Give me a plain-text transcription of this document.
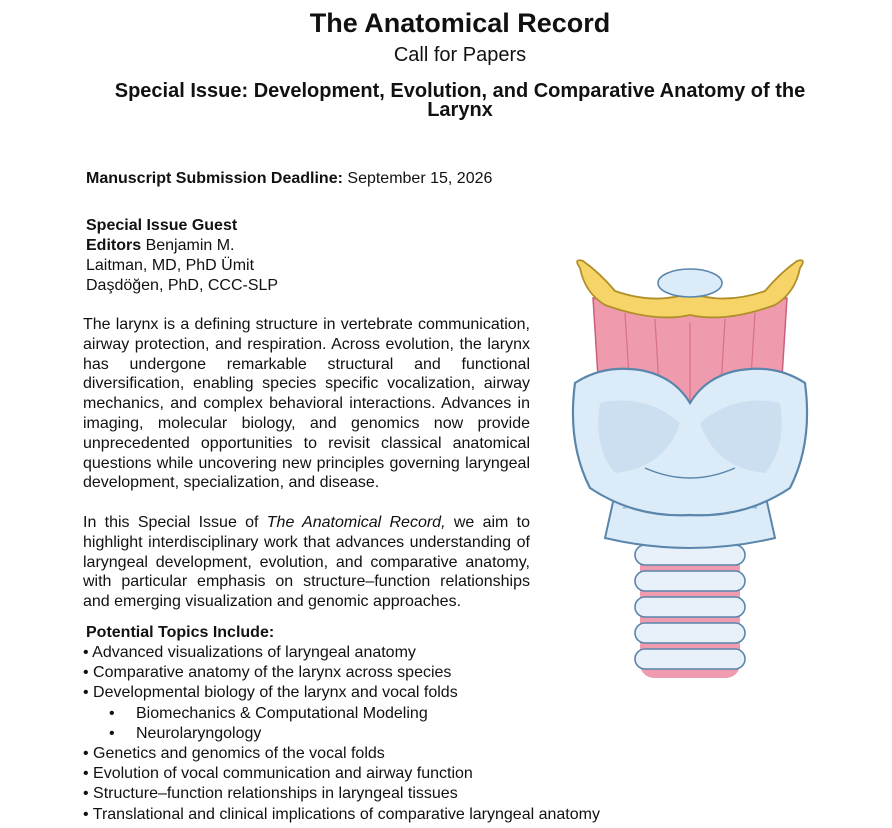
The Anatomical Record
Call for Papers
Special Issue: Development, Evolution, and Comparative Anatomy of the Larynx
Manuscript Submission Deadline: September 15, 2026
Special Issue Guest
Editors Benjamin M.
Laitman, MD, PhD Ümit
Daşdöğen, PhD, CCC-SLP
The larynx is a defining structure in vertebrate communication, airway protection, and respiration. Across evolution, the larynx has undergone remarkable structural and functional diversification, enabling species specific vocalization, airway mechanics, and complex behavioral interactions. Advances in imaging, molecular biology, and genomics now provide unprecedented opportunities to revisit classical anatomical questions while uncovering new principles governing laryngeal development, specialization, and disease.
In this Special Issue of The Anatomical Record, we aim to highlight interdisciplinary work that advances understanding of laryngeal development, evolution, and comparative anatomy, with particular emphasis on structure–function relationships and emerging visualization and genomic approaches.
Potential Topics Include:
• Advanced visualizations of laryngeal anatomy
• Comparative anatomy of the larynx across species
• Developmental biology of the larynx and vocal folds
• Biomechanics & Computational Modeling
• Neurolaryngology
• Genetics and genomics of the vocal folds
• Evolution of vocal communication and airway function
• Structure–function relationships in laryngeal tissues
• Translational and clinical implications of comparative laryngeal anatomy
